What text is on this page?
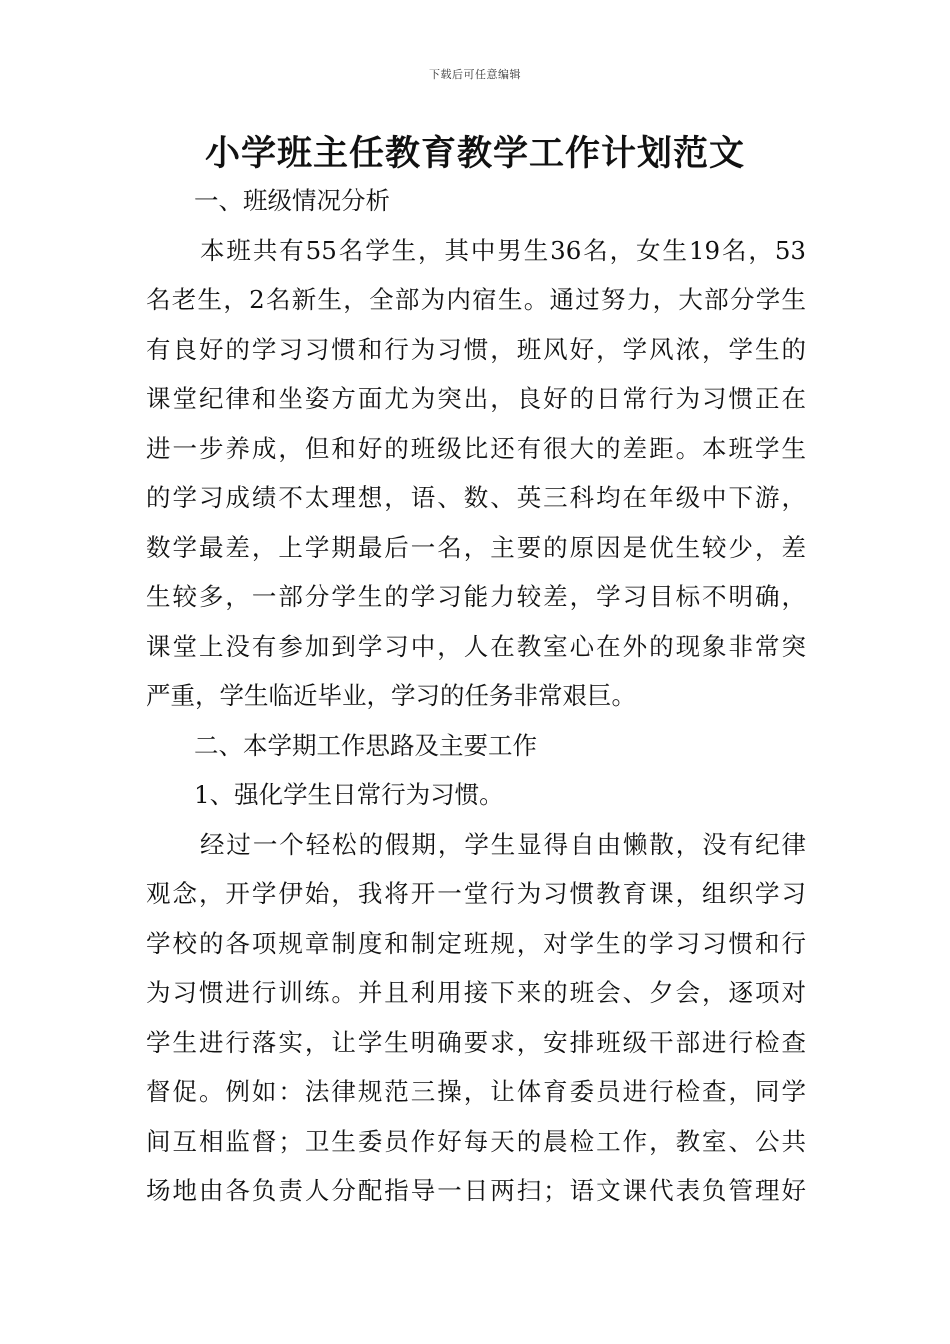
下载后可任意编辑
小学班主任教育教学工作计划范文
一、班级情况分析
本班共有55名学生，其中男生36名，女生19名，53
名老生，2名新生，全部为内宿生。通过努力，大部分学生
有良好的学习习惯和行为习惯，班风好，学风浓，学生的
课堂纪律和坐姿方面尤为突出，良好的日常行为习惯正在
进一步养成，但和好的班级比还有很大的差距。本班学生
的学习成绩不太理想，语、数、英三科均在年级中下游，
数学最差，上学期最后一名，主要的原因是优生较少，差
生较多，一部分学生的学习能力较差，学习目标不明确，
课堂上没有参加到学习中，人在教室心在外的现象非常突
严重，学生临近毕业，学习的任务非常艰巨。
二、本学期工作思路及主要工作
1、强化学生日常行为习惯。
经过一个轻松的假期，学生显得自由懒散，没有纪律
观念，开学伊始，我将开一堂行为习惯教育课，组织学习
学校的各项规章制度和制定班规，对学生的学习习惯和行
为习惯进行训练。并且利用接下来的班会、夕会，逐项对
学生进行落实，让学生明确要求，安排班级干部进行检查
督促。例如：法律规范三操，让体育委员进行检查，同学
间互相监督；卫生委员作好每天的晨检工作，教室、公共
场地由各负责人分配指导一日两扫；语文课代表负管理好
